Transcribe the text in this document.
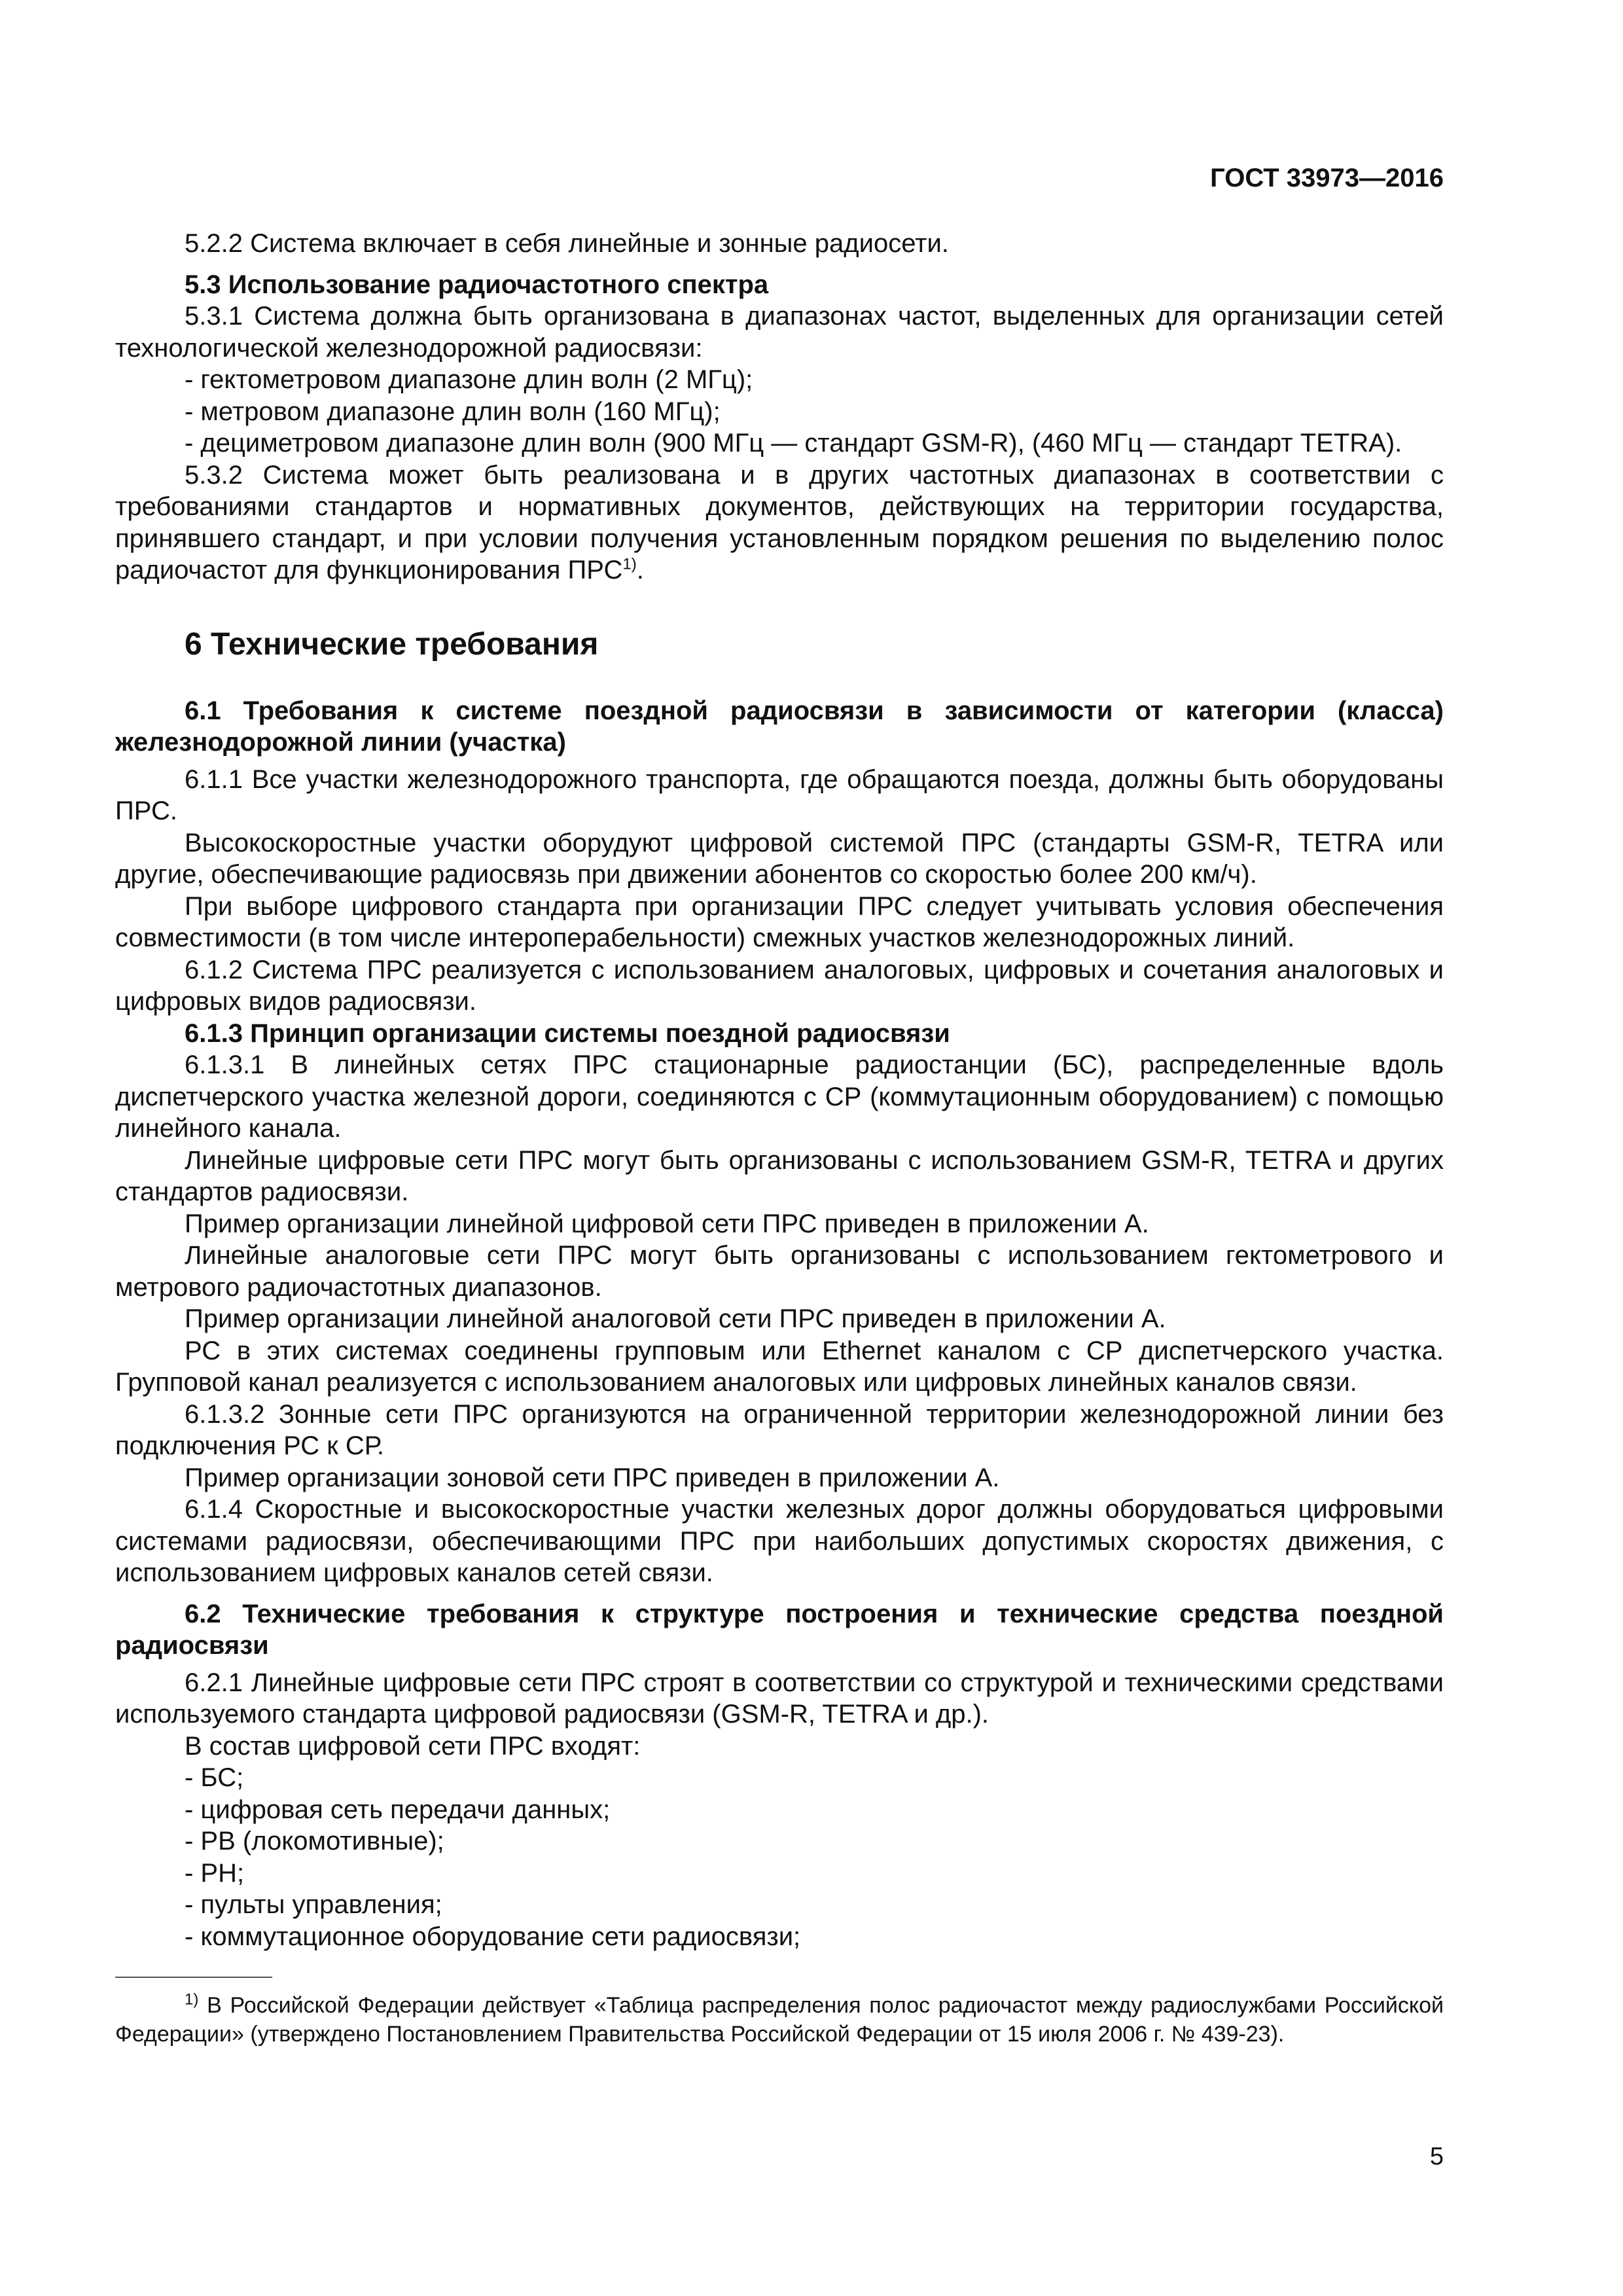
ГОСТ 33973—2016

5.2.2 Система включает в себя линейные и зонные радиосети.

5.3 Использование радиочастотного спектра

5.3.1 Система должна быть организована в диапазонах частот, выделенных для организации сетей технологической железнодорожной радиосвязи:

- гектометровом диапазоне длин волн (2 МГц);

- метровом диапазоне длин волн (160 МГц);

- дециметровом диапазоне длин волн (900 МГц — стандарт GSM-R), (460 МГц — стандарт TETRA).

5.3.2 Система может быть реализована и в других частотных диапазонах в соответствии с требованиями стандартов и нормативных документов, действующих на территории государства, принявшего стандарт, и при условии получения установленным порядком решения по выделению полос радиочастот для функционирования ПРС$^{1)}$.

6 Технические требования
6.1 Требования к системе поездной радиосвязи в зависимости от категории (класса) железнодорожной линии (участка)

6.1.1 Все участки железнодорожного транспорта, где обращаются поезда, должны быть оборудованы ПРС.

Высокоскоростные участки оборудуют цифровой системой ПРС (стандарты GSM-R, TETRA или другие, обеспечивающие радиосвязь при движении абонентов со скоростью более 200 км/ч).

При выборе цифрового стандарта при организации ПРС следует учитывать условия обеспечения совместимости (в том числе интероперабельности) смежных участков железнодорожных линий.

6.1.2 Система ПРС реализуется с использованием аналоговых, цифровых и сочетания аналоговых и цифровых видов радиосвязи.

6.1.3 Принцип организации системы поездной радиосвязи

6.1.3.1 В линейных сетях ПРС стационарные радиостанции (БС), распределенные вдоль диспетчерского участка железной дороги, соединяются с СР (коммутационным оборудованием) с помощью линейного канала.

Линейные цифровые сети ПРС могут быть организованы с использованием GSM-R, TETRA и других стандартов радиосвязи.

Пример организации линейной цифровой сети ПРС приведен в приложении А.

Линейные аналоговые сети ПРС могут быть организованы с использованием гектометрового и метрового радиочастотных диапазонов.

Пример организации линейной аналоговой сети ПРС приведен в приложении А.

РС в этих системах соединены групповым или Ethernet каналом с СР диспетчерского участка. Групповой канал реализуется с использованием аналоговых или цифровых линейных каналов связи.

6.1.3.2 Зонные сети ПРС организуются на ограниченной территории железнодорожной линии без подключения РС к СР.

Пример организации зоновой сети ПРС приведен в приложении А.

6.1.4 Скоростные и высокоскоростные участки железных дорог должны оборудоваться цифровыми системами радиосвязи, обеспечивающими ПРС при наибольших допустимых скоростях движения, с использованием цифровых каналов сетей связи.

6.2 Технические требования к структуре построения и технические средства поездной радиосвязи

6.2.1 Линейные цифровые сети ПРС строят в соответствии со структурой и техническими средствами используемого стандарта цифровой радиосвязи (GSM-R, TETRA и др.).

В состав цифровой сети ПРС входят:

- БС;

- цифровая сеть передачи данных;

- РВ (локомотивные);

- РН;

- пульты управления;

- коммутационное оборудование сети радиосвязи;

$^{1)}$ В Российской Федерации действует «Таблица распределения полос радиочастот между радиослужбами Российской Федерации» (утверждено Постановлением Правительства Российской Федерации от 15 июля 2006 г. № 439-23).

5
